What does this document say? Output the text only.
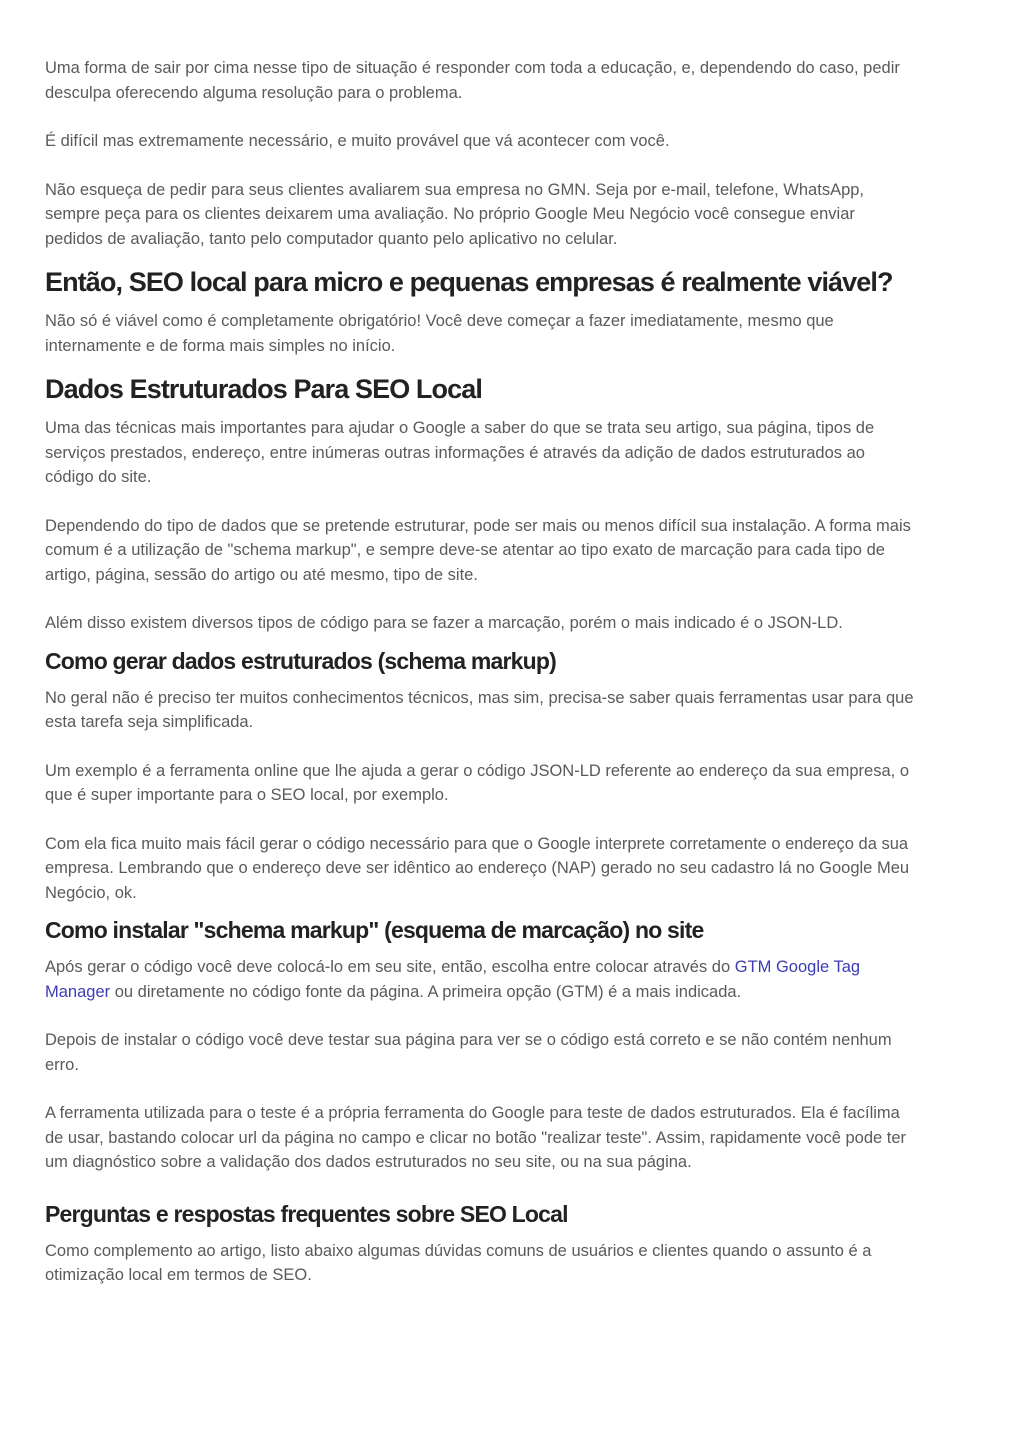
Uma forma de sair por cima nesse tipo de situação é responder com toda a educação, e, dependendo do caso, pedir desculpa oferecendo alguma resolução para o problema.

É difícil mas extremamente necessário, e muito provável que vá acontecer com você.

Não esqueça de pedir para seus clientes avaliarem sua empresa no GMN. Seja por e-mail, telefone, WhatsApp, sempre peça para os clientes deixarem uma avaliação. No próprio Google Meu Negócio você consegue enviar pedidos de avaliação, tanto pelo computador quanto pelo aplicativo no celular.

Então, SEO local para micro e pequenas empresas é realmente viável?

Não só é viável como é completamente obrigatório! Você deve começar a fazer imediatamente, mesmo que internamente e de forma mais simples no início.

Dados Estruturados Para SEO Local

Uma das técnicas mais importantes para ajudar o Google a saber do que se trata seu artigo, sua página, tipos de serviços prestados, endereço, entre inúmeras outras informações é através da adição de dados estruturados ao código do site.

Dependendo do tipo de dados que se pretende estruturar, pode ser mais ou menos difícil sua instalação. A forma mais comum é a utilização de "schema markup", e sempre deve-se atentar ao tipo exato de marcação para cada tipo de artigo, página, sessão do artigo ou até mesmo, tipo de site.

Além disso existem diversos tipos de código para se fazer a marcação, porém o mais indicado é o JSON-LD.

Como gerar dados estruturados (schema markup)

No geral não é preciso ter muitos conhecimentos técnicos, mas sim, precisa-se saber quais ferramentas usar para que esta tarefa seja simplificada.

Um exemplo é a ferramenta online que lhe ajuda a gerar o código JSON-LD referente ao endereço da sua empresa, o que é super importante para o SEO local, por exemplo.

Com ela fica muito mais fácil gerar o código necessário para que o Google interprete corretamente o endereço da sua empresa. Lembrando que o endereço deve ser idêntico ao endereço (NAP) gerado no seu cadastro lá no Google Meu Negócio, ok.

Como instalar "schema markup" (esquema de marcação) no site

Após gerar o código você deve colocá-lo em seu site, então, escolha entre colocar através do GTM Google Tag Manager ou diretamente no código fonte da página. A primeira opção (GTM) é a mais indicada.

Depois de instalar o código você deve testar sua página para ver se o código está correto e se não contém nenhum erro.

A ferramenta utilizada para o teste é a própria ferramenta do Google para teste de dados estruturados. Ela é facílima de usar, bastando colocar url da página no campo e clicar no botão "realizar teste". Assim, rapidamente você pode ter um diagnóstico sobre a validação dos dados estruturados no seu site, ou na sua página.

Perguntas e respostas frequentes sobre SEO Local

Como complemento ao artigo, listo abaixo algumas dúvidas comuns de usuários e clientes quando o assunto é a otimização local em termos de SEO.
